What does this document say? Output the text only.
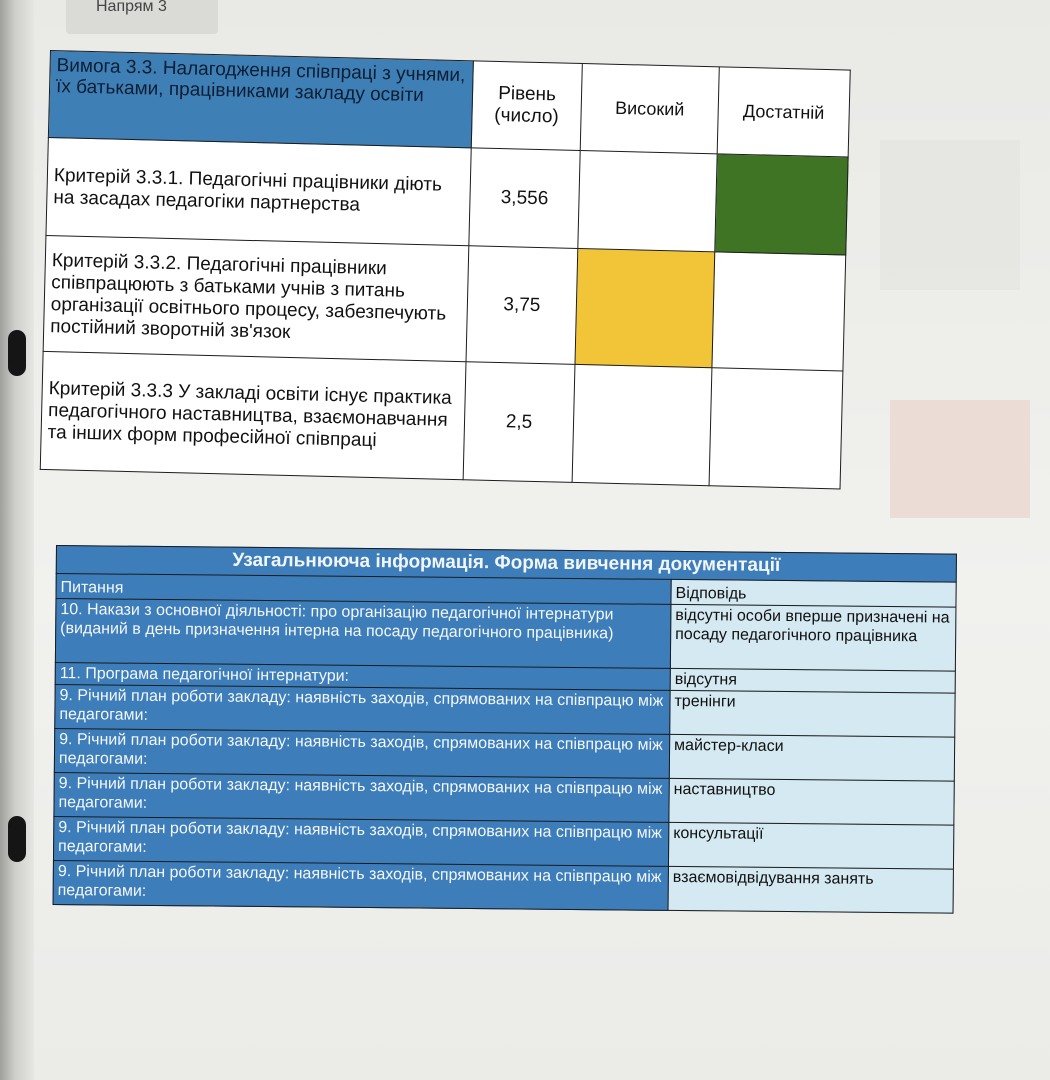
Напрям 3
Вимога 3.3. Налагодження співпраці з учнями, їх батьками, працівниками закладу освіти	Рівень (число)	Високий	Достатній
Критерій 3.3.1. Педагогічні працівники діють на засадах педагогіки партнерства	3,556		
Критерій 3.3.2. Педагогічні працівники співпрацюють з батьками учнів з питань організації освітнього процесу, забезпечують постійний зворотній зв'язок	3,75		
Критерій 3.3.3 У закладі освіти існує практика педагогічного наставництва, взаємонавчання та інших форм професійної співпраці	2,5		
Узагальнююча інформація. Форма вивчення документації	
Питання	Відповідь
10. Накази з основної діяльності: про організацію педагогічної інтернатури (виданий в день призначення інтерна на посаду педагогічного працівника)	відсутні особи вперше призначені на посаду педагогічного працівника
11. Програма педагогічної інтернатури:	відсутня
9. Річний план роботи закладу: наявність заходів, спрямованих на співпрацю між педагогами:	тренінги
9. Річний план роботи закладу: наявність заходів, спрямованих на співпрацю між педагогами:	майстер-класи
9. Річний план роботи закладу: наявність заходів, спрямованих на співпрацю між педагогами:	наставництво
9. Річний план роботи закладу: наявність заходів, спрямованих на співпрацю між педагогами:	консультації
9. Річний план роботи закладу: наявність заходів, спрямованих на співпрацю між педагогами:	взаємовідвідування занять
